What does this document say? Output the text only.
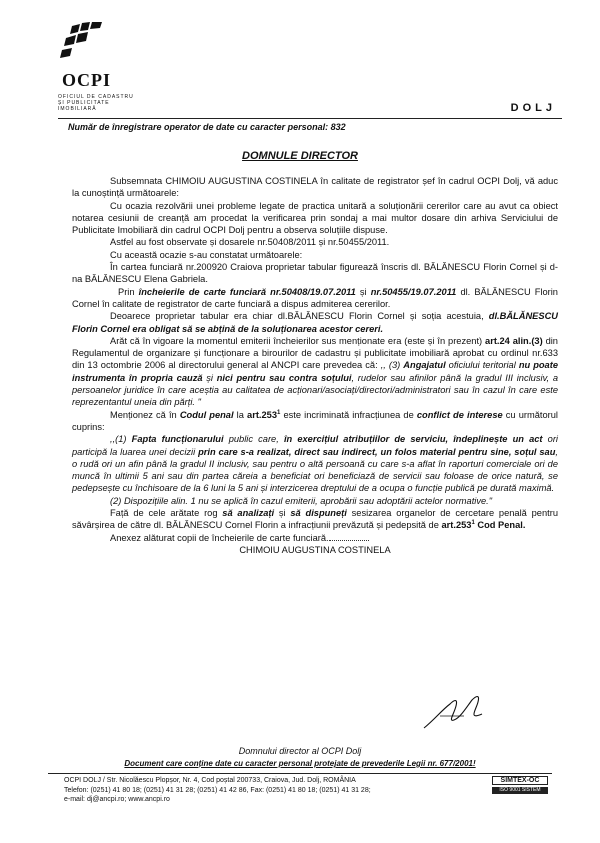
OCPI
OFICIUL DE CADASTRU
ȘI PUBLICITATE
IMOBILIARĂ	DOLJ
Număr de înregistrare operator de date cu caracter personal: 832
DOMNULE DIRECTOR

Subsemnata CHIMOIU AUGUSTINA COSTINELA în calitate de registrator șef în cadrul OCPI Dolj, vă aduc la cunoștință următoarele:

Cu ocazia rezolvării unei probleme legate de practica unitară a soluționării cererilor care au avut ca obiect notarea cesiunii de creanță am procedat la verificarea prin sondaj a mai multor dosare din arhiva Serviciului de Publicitate Imobiliară din cadrul OCPI Dolj pentru a observa soluțiile dispuse.

Astfel au fost observate și dosarele nr.50408/2011 și nr.50455/2011.

Cu această ocazie s-au constatat următoarele:

În cartea funciară nr.200920 Craiova proprietar tabular figurează înscris dl. BĂLĂNESCU Florin Cornel și d-na BĂLĂNESCU Elena Gabriela.

Prin încheierile de carte funciară nr.50408/19.07.2011 și nr.50455/19.07.2011 dl. BĂLĂNESCU Florin Cornel în calitate de registrator de carte funciară a dispus admiterea cererilor.

Deoarece proprietar tabular era chiar dl.BĂLĂNESCU Florin Cornel și soția acestuia, dl.BĂLĂNESCU Florin Cornel era obligat să se abțină de la soluționarea acestor cereri.

Arăt că în vigoare la momentul emiterii încheierilor sus menționate era (este și în prezent) art.24 alin.(3) din Regulamentul de organizare și funcționare a birourilor de cadastru și publicitate imobiliară aprobat cu ordinul nr.633 din 13 octombrie 2006 al directorului general al ANCPI care prevedea că: ,, (3) Angajatul oficiului teritorial nu poate instrumenta în propria cauză și nici pentru sau contra soțului, rudelor sau afinilor până la gradul III inclusiv, a persoanelor juridice în care aceștia au calitatea de acționari/asociați/directori/administratori sau în cazul în care este reprezentantul uneia din părți. "

Menționez că în Codul penal la art.253$^1$ este incriminată infracțiunea de conflict de interese cu următorul cuprins:

,,(1) Fapta funcționarului public care, în exercițiul atribuțiilor de serviciu, îndeplinește un act ori participă la luarea unei decizii prin care s-a realizat, direct sau indirect, un folos material pentru sine, soțul sau, o rudă ori un afin până la gradul II inclusiv, sau pentru o altă persoană cu care s-a aflat în raporturi comerciale ori de muncă în ultimii 5 ani sau din partea căreia a beneficiat ori beneficiază de servicii sau foloase de orice natură, se pedepsește cu închisoare de la 6 luni la 5 ani și interzicerea dreptului de a ocupa o funcție publică pe durată maximă.

(2) Dispozițiile alin. 1 nu se aplică în cazul emiterii, aprobării sau adoptării actelor normative."

Față de cele arătate rog să analizați și să dispuneți sesizarea organelor de cercetare penală pentru săvârșirea de către dl. BĂLĂNESCU Cornel Florin a infracțiunii prevăzută și pedepsită de art.253$^1$ Cod Penal.

Anexez alăturat copii de încheierile de carte funciară.

CHIMOIU AUGUSTINA COSTINELA

Domnului director al OCPI Dolj
Document care conține date cu caracter personal protejate de prevederile Legii nr. 677/2001!
OCPI DOLJ / Str. Nicolăescu Plopșor, Nr. 4, Cod poștal 200733, Craiova, Jud. Dolj, ROMÂNIA
Telefon: (0251) 41 80 18; (0251) 41 31 28; (0251) 41 42 86, Fax: (0251) 41 80 18; (0251) 41 31 28;
e-mail: dj@ancpi.ro; www.ancpi.ro
SIMTEX-OC
ISO 9001 SISTEM CERTIFICAT
